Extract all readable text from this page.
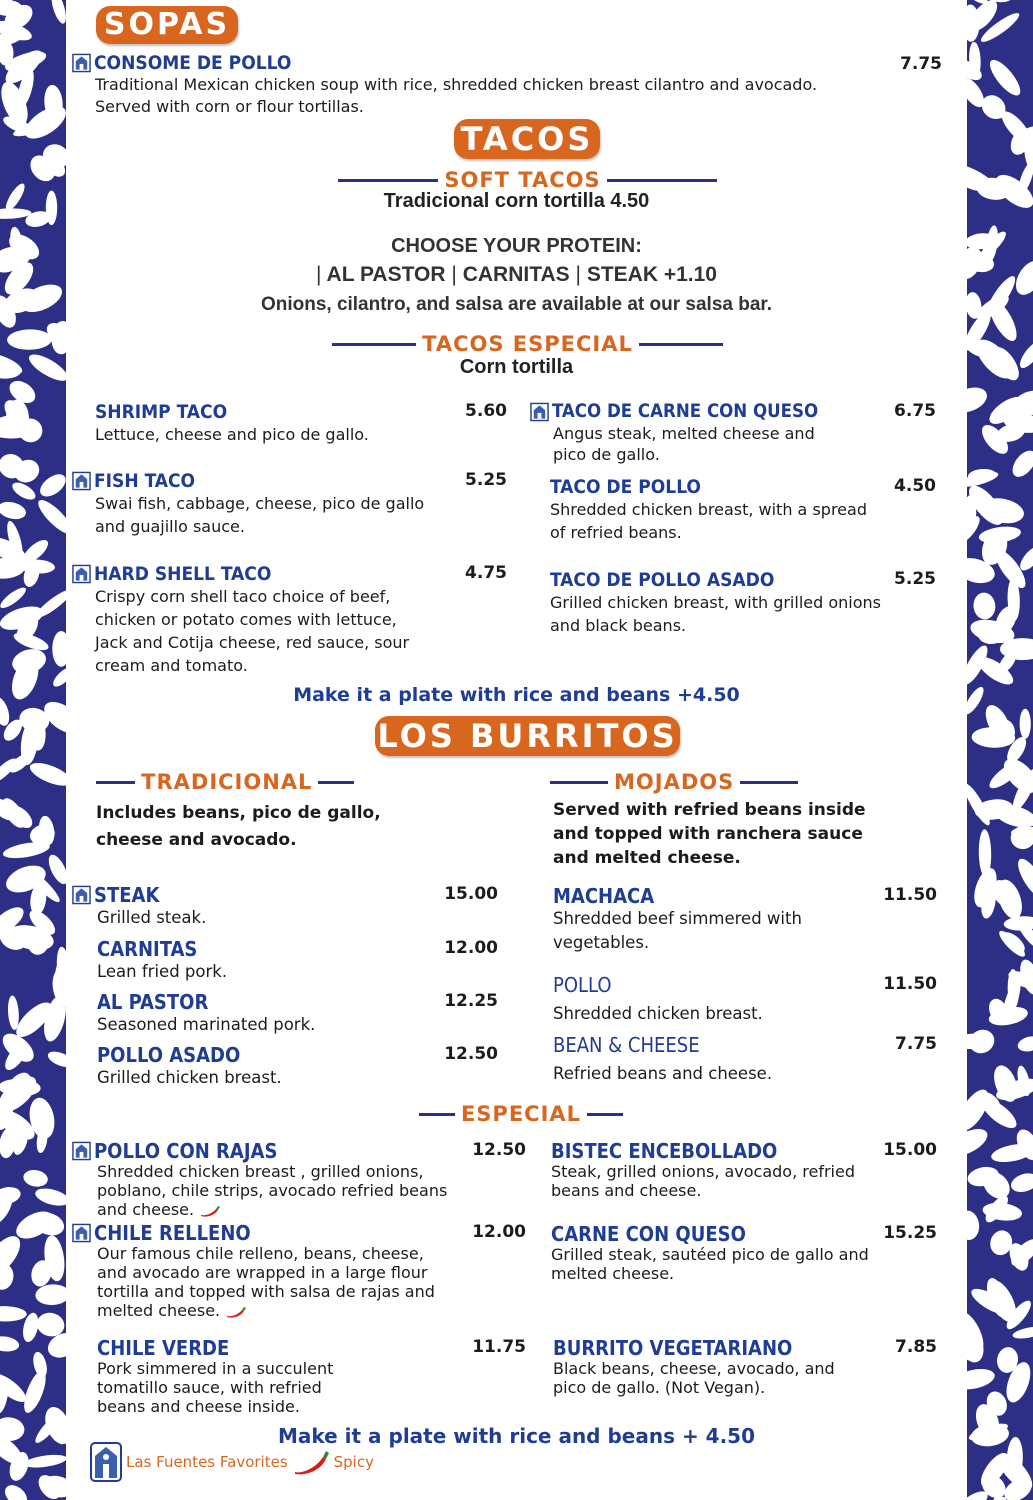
SOPAS
CONSOME DE POLLO
Traditional Mexican chicken soup with rice, shredded chicken breast cilantro and avocado. Served with corn or flour tortillas.
7.75
TACOS
SOFT TACOS
Tradicional corn tortilla 4.50
CHOOSE YOUR PROTEIN:
| AL PASTOR | CARNITAS | STEAK +1.10
Onions, cilantro, and salsa are available at our salsa bar.
TACOS ESPECIAL
Corn tortilla
SHRIMP TACO
Lettuce, cheese and pico de gallo.
5.60
FISH TACO
Swai fish, cabbage, cheese, pico de gallo and guajillo sauce.
5.25
HARD SHELL TACO
Crispy corn shell taco choice of beef, chicken or potato comes with lettuce, Jack and Cotija cheese, red sauce, sour cream and tomato.
4.75
TACO DE CARNE CON QUESO
Angus steak, melted cheese and pico de gallo.
6.75
TACO DE POLLO
Shredded chicken breast, with a spread of refried beans.
4.50
TACO DE POLLO ASADO
Grilled chicken breast, with grilled onions and black beans.
5.25
Make it a plate with rice and beans +4.50
LOS BURRITOS
TRADICIONAL
Includes beans, pico de gallo, cheese and avocado.
MOJADOS
Served with refried beans inside and topped with ranchera sauce and melted cheese.
STEAK
Grilled steak.
15.00
CARNITAS
Lean fried pork.
12.00
AL PASTOR
Seasoned marinated pork.
12.25
POLLO ASADO
Grilled chicken breast.
12.50
MACHACA
Shredded beef simmered with vegetables.
11.50
POLLO
Shredded chicken breast.
11.50
BEAN & CHEESE
Refried beans and cheese.
7.75
ESPECIAL
POLLO CON RAJAS
Shredded chicken breast , grilled onions, poblano, chile strips, avocado refried beans and cheese.
12.50
CHILE RELLENO
Our famous chile relleno, beans, cheese, and avocado are wrapped in a large flour tortilla and topped with salsa de rajas and melted cheese.
12.00
CHILE VERDE
Pork simmered in a succulent tomatillo sauce, with refried beans and cheese inside.
11.75
BISTEC ENCEBOLLADO
Steak, grilled onions, avocado, refried beans and cheese.
15.00
CARNE CON QUESO
Grilled steak, sautéed pico de gallo and melted cheese.
15.25
BURRITO VEGETARIANO
Black beans, cheese, avocado, and pico de gallo. (Not Vegan).
7.85
Make it a plate with rice and beans + 4.50
Las Fuentes Favorites	Spicy
